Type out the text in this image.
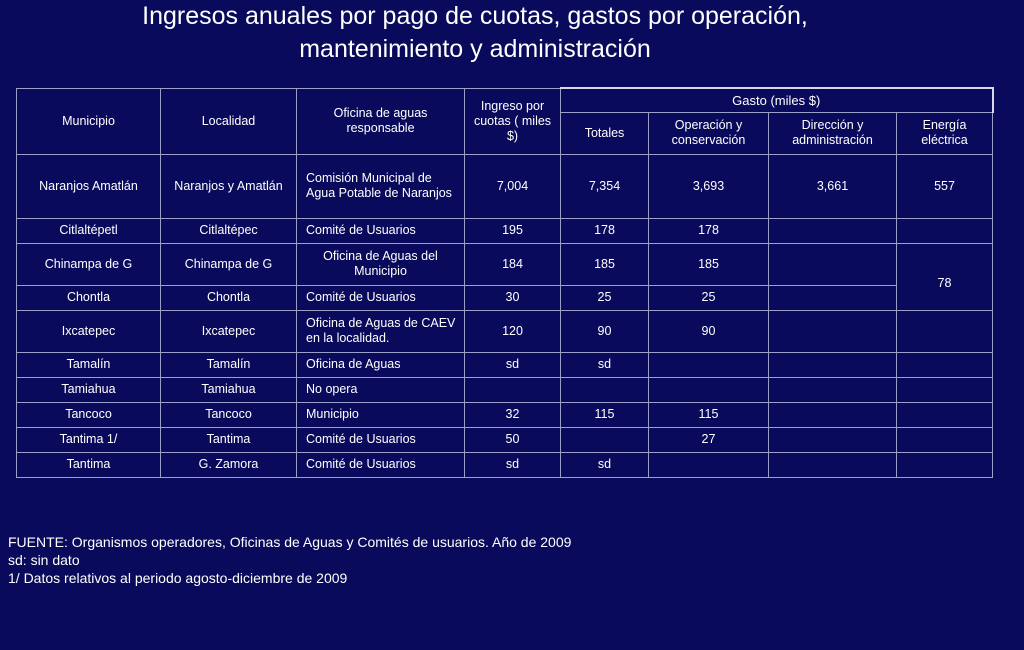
Ingresos anuales por pago de cuotas, gastos por operación,
mantenimiento y administración
Municipio	Localidad	Oficina de aguas responsable	Ingreso por cuotas ( miles $)	Gasto (miles $)			
				Totales	Operación y conservación	Dirección y administración	Energía eléctrica
Naranjos Amatlán	Naranjos y Amatlán	Comisión Municipal de Agua Potable de Naranjos	7,004	7,354	3,693	3,661	557
Citlaltépetl	Citlaltépec	Comité de Usuarios	195	178	178		
Chinampa de G	Chinampa de G	Oficina de Aguas del Municipio	184	185	185		78
Chontla	Chontla	Comité de Usuarios	30	25	25		
Ixcatepec	Ixcatepec	Oficina de Aguas de CAEV en la localidad.	120	90	90		
Tamalín	Tamalín	Oficina de Aguas	sd	sd			
Tamiahua	Tamiahua	No opera					
Tancoco	Tancoco	Municipio	32	115	115		
Tantima 1/	Tantima	Comité de Usuarios	50		27		
Tantima	G. Zamora	Comité de Usuarios	sd	sd			
FUENTE: Organismos operadores, Oficinas de Aguas y Comités de usuarios. Año de 2009
sd: sin dato
1/ Datos relativos al periodo agosto-diciembre de 2009
